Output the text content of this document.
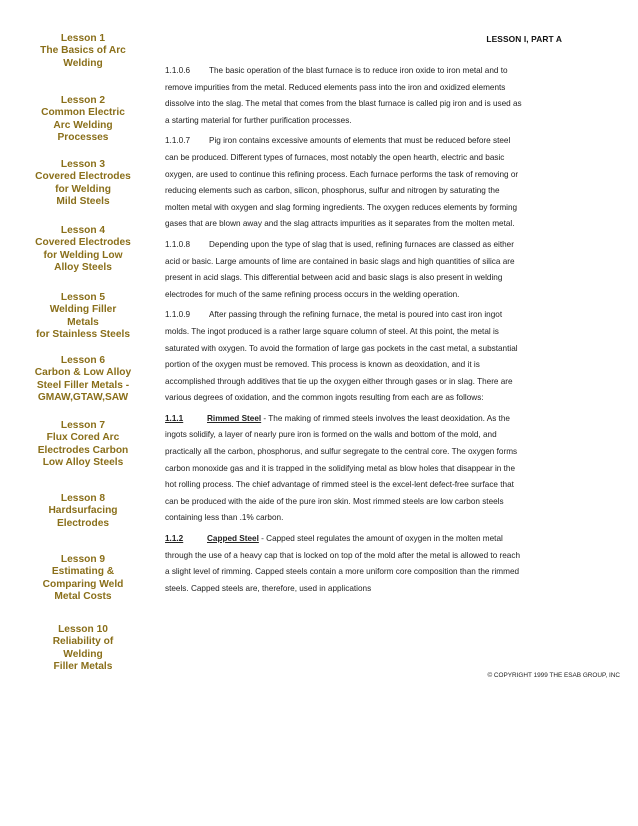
Lesson 1
The Basics of Arc
Welding
Lesson 2
Common Electric
Arc Welding
Processes
Lesson 3
Covered Electrodes
for Welding
Mild Steels
Lesson 4
Covered Electrodes
for Welding Low
Alloy Steels
Lesson 5
Welding Filler Metals
for Stainless Steels
Lesson 6
Carbon & Low Alloy
Steel Filler Metals -
GMAW,GTAW,SAW
Lesson 7
Flux Cored Arc
Electrodes Carbon
Low Alloy Steels
Lesson 8
Hardsurfacing
Electrodes
Lesson 9
Estimating &
Comparing Weld
Metal Costs
Lesson 10
Reliability of Welding
Filler Metals
LESSON I, PART A

1.1.0.6 The basic operation of the blast furnace is to reduce iron oxide to iron metal and to remove impurities from the metal. Reduced elements pass into the iron and oxidized elements dissolve into the slag. The metal that comes from the blast furnace is called pig iron and is used as a starting material for further purification processes.

1.1.0.7 Pig iron contains excessive amounts of elements that must be reduced before steel can be produced. Different types of furnaces, most notably the open hearth, electric and basic oxygen, are used to continue this refining process. Each furnace performs the task of removing or reducing elements such as carbon, silicon, phosphorus, sulfur and nitrogen by saturating the molten metal with oxygen and slag forming ingredients. The oxygen reduces elements by forming gases that are blown away and the slag attracts impurities as it separates from the molten metal.

1.1.0.8 Depending upon the type of slag that is used, refining furnaces are classed as either acid or basic. Large amounts of lime are contained in basic slags and high quantities of silica are present in acid slags. This differential between acid and basic slags is also present in welding electrodes for much of the same refining process occurs in the welding operation.

1.1.0.9 After passing through the refining furnace, the metal is poured into cast iron ingot molds. The ingot produced is a rather large square column of steel. At this point, the metal is saturated with oxygen. To avoid the formation of large gas pockets in the cast metal, a substantial portion of the oxygen must be removed. This process is known as deoxidation, and it is accomplished through additives that tie up the oxygen either through gases or in slag. There are various degrees of oxidation, and the common ingots resulting from each are as follows:

1.1.1	Rimmed Steel - The making of rimmed steels involves the least deoxidation. As the ingots solidify, a layer of nearly pure iron is formed on the walls and bottom of the mold, and practically all the carbon, phosphorus, and sulfur segregate to the central core. The oxygen forms carbon monoxide gas and it is trapped in the solidifying metal as blow holes that disappear in the hot rolling process. The chief advantage of rimmed steel is the excel-lent defect-free surface that can be produced with the aide of the pure iron skin. Most rimmed steels are low carbon steels containing less than .1% carbon.

1.1.2	Capped Steel - Capped steel regulates the amount of oxygen in the molten metal through the use of a heavy cap that is locked on top of the mold after the metal is allowed to reach a slight level of rimming. Capped steels contain a more uniform core composition than the rimmed steels. Capped steels are, therefore, used in applications

© COPYRIGHT 1999 THE ESAB GROUP, INC
